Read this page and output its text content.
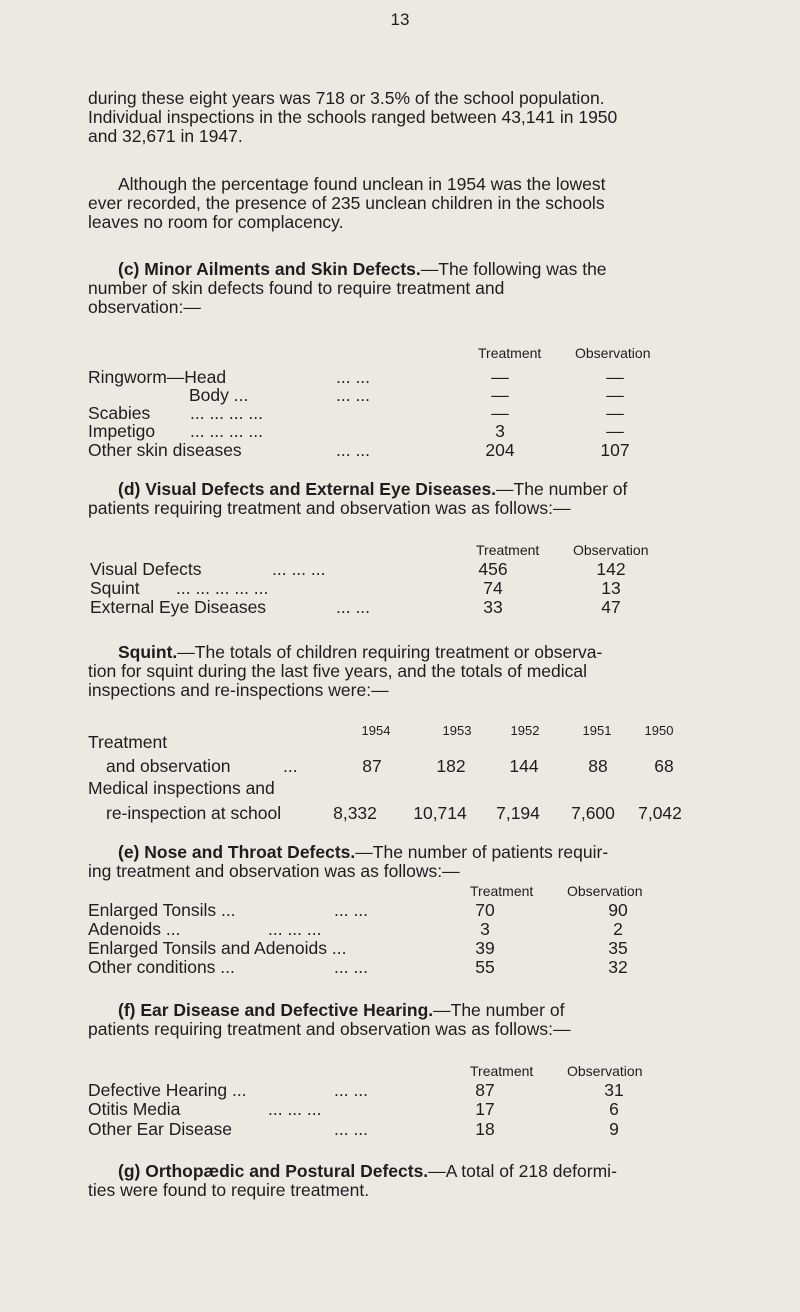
13
during these eight years was 718 or 3.5% of the school population.
Individual inspections in the schools ranged between 43,141 in 1950
and 32,671 in 1947.
Although the percentage found unclean in 1954 was the lowest
ever recorded, the presence of 235 unclean children in the schools
leaves no room for complacency.
(c) Minor Ailments and Skin Defects.—The following was the
number of skin defects found to require treatment and
observation:—
Treatment Observation
Ringworm—Head	... ...	—	—
Body ...	... ...	—	—
Scabies ... ... ... ...	—	—
Impetigo ... ... ... ...	3	—
Other skin diseases	... ...	204	107
(d) Visual Defects and External Eye Diseases.—The number of
patients requiring treatment and observation was as follows:—
Treatment Observation
Visual Defects	... ... ...	456	142
Squint ... ... ... ... ...	74	13
External Eye Diseases	... ...	33	47
Squint.—The totals of children requiring treatment or observa-
tion for squint during the last five years, and the totals of medical
inspections and re-inspections were:—
1954	1953	1952	1951	1950
Treatment
and observation	...	87	182	144	88	68
Medical inspections and
re-inspection at school	8,332	10,714	7,194	7,600	7,042
(e) Nose and Throat Defects.—The number of patients requir-
ing treatment and observation was as follows:—
Treatment Observation
Enlarged Tonsils ...	... ...	70	90
Adenoids ...	... ... ...	3	2
Enlarged Tonsils and Adenoids ...	39	35
Other conditions ...	... ...	55	32
(f) Ear Disease and Defective Hearing.—The number of
patients requiring treatment and observation was as follows:—
Treatment Observation
Defective Hearing ...	... ...	87	31
Otitis Media	... ... ...	17	6
Other Ear Disease	... ...	18	9
(g) Orthopædic and Postural Defects.—A total of 218 deformi-
ties were found to require treatment.
